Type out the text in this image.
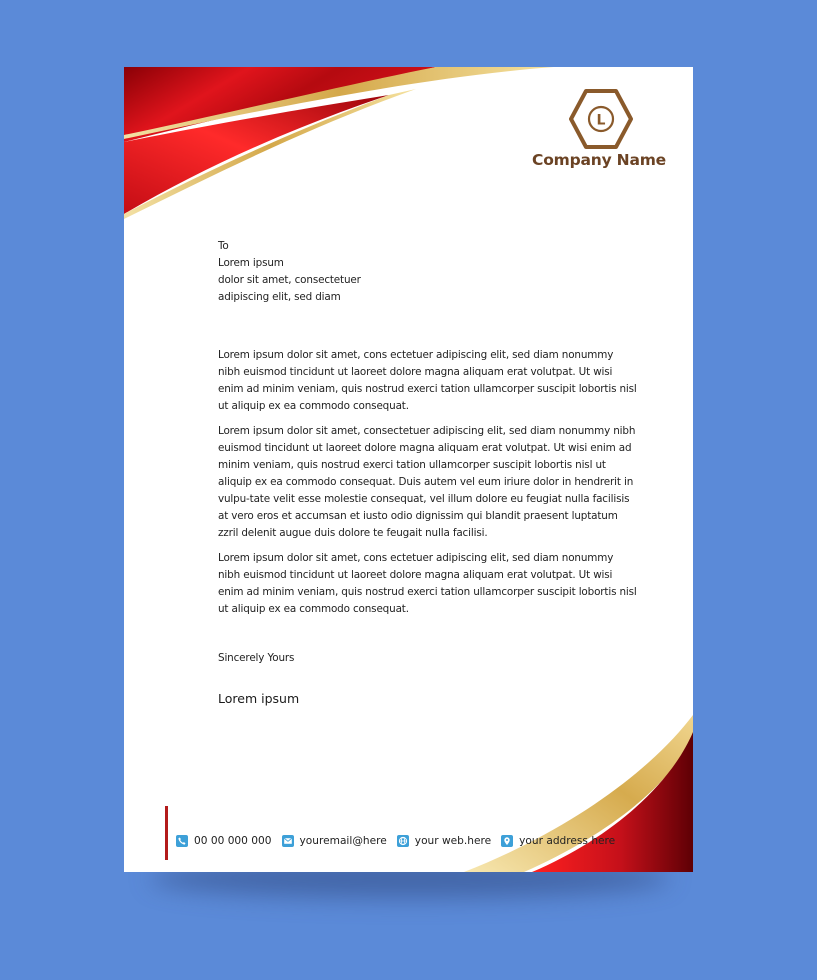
L
Company Name
To
Lorem ipsum
dolor sit amet, consectetuer
adipiscing elit, sed diam

Lorem ipsum dolor sit amet, cons ectetuer adipiscing elit, sed diam nonummy nibh euismod tincidunt ut laoreet dolore magna aliquam erat volutpat. Ut wisi enim ad minim veniam, quis nostrud exerci tation ullamcorper suscipit lobortis nisl ut aliquip ex ea commodo consequat.

Lorem ipsum dolor sit amet, consectetuer adipiscing elit, sed diam nonummy nibh euismod tincidunt ut laoreet dolore magna aliquam erat volutpat. Ut wisi enim ad minim veniam, quis nostrud exerci tation ullamcorper suscipit lobortis nisl ut aliquip ex ea commodo consequat. Duis autem vel eum iriure dolor in hendrerit in vulpu-tate velit esse molestie consequat, vel illum dolore eu feugiat nulla facilisis at vero eros et accumsan et iusto odio dignissim qui blandit praesent luptatum zzril delenit augue duis dolore te feugait nulla facilisi.

Lorem ipsum dolor sit amet, cons ectetuer adipiscing elit, sed diam nonummy nibh euismod tincidunt ut laoreet dolore magna aliquam erat volutpat. Ut wisi enim ad minim veniam, quis nostrud exerci tation ullamcorper suscipit lobortis nisl ut aliquip ex ea commodo consequat.

Sincerely Yours
Lorem ipsum
00 00 000 000	youremail@here	your web.here	your address here
